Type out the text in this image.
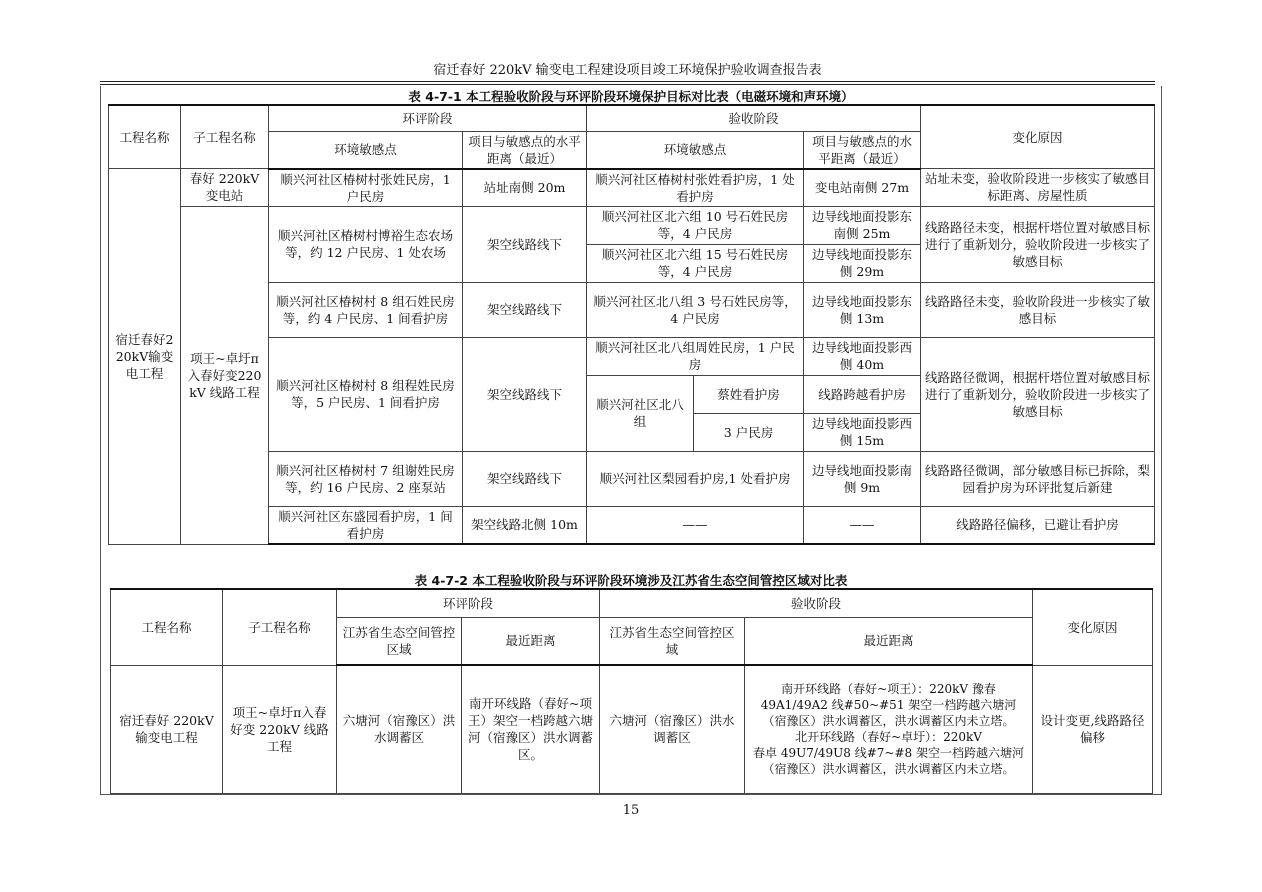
宿迁春好 220kV 输变电工程建设项目竣工环境保护验收调查报告表
表 4-7-1 本工程验收阶段与环评阶段环境保护目标对比表（电磁环境和声环境）
工程名称	子工程名称	环评阶段		验收阶段			变化原因
		环境敏感点	项目与敏感点的水平距离（最近）	环境敏感点		项目与敏感点的水平距离（最近）	
宿迁春好220kV输变电工程	春好 220kV 变电站	顺兴河社区椿树村张姓民房，1 户民房	站址南侧 20m	顺兴河社区椿树村张姓看护房，1 处看护房		变电站南侧 27m	站址未变，验收阶段进一步核实了敏感目标距离、房屋性质
	项王~卓圩π入春好变220kV 线路工程	顺兴河社区椿树村博裕生态农场等，约 12 户民房、1 处农场	架空线路线下	顺兴河社区北六组 10 号石姓民房等，4 户民房		边导线地面投影东南侧 25m	线路路径未变，根据杆塔位置对敏感目标进行了重新划分，验收阶段进一步核实了敏感目标
				顺兴河社区北六组 15 号石姓民房等，4 户民房		边导线地面投影东侧 29m	
		顺兴河社区椿树村 8 组石姓民房等，约 4 户民房、1 间看护房	架空线路线下	顺兴河社区北八组 3 号石姓民房等，4 户民房		边导线地面投影东侧 13m	线路路径未变，验收阶段进一步核实了敏感目标
		顺兴河社区椿树村 8 组程姓民房等，5 户民房、1 间看护房	架空线路线下	顺兴河社区北八组周姓民房，1 户民房		边导线地面投影西侧 40m	线路路径微调，根据杆塔位置对敏感目标进行了重新划分，验收阶段进一步核实了敏感目标
				顺兴河社区北八组	蔡姓看护房	线路跨越看护房	
					3 户民房	边导线地面投影西侧 15m	
		顺兴河社区椿树村 7 组谢姓民房等，约 16 户民房、2 座泵站	架空线路线下	顺兴河社区梨园看护房,1 处看护房		边导线地面投影南侧 9m	线路路径微调，部分敏感目标已拆除，梨园看护房为环评批复后新建
		顺兴河社区东盛园看护房，1 间看护房	架空线路北侧 10m	——		——	线路路径偏移，已避让看护房
表 4-7-2 本工程验收阶段与环评阶段环境涉及江苏省生态空间管控区域对比表
工程名称	子工程名称	环评阶段		验收阶段		变化原因
		江苏省生态空间管控区域	最近距离	江苏省生态空间管控区域	最近距离	
宿迁春好 220kV 输变电工程	项王~卓圩π入春好变 220kV 线路工程	六塘河（宿豫区）洪水调蓄区	南开环线路（春好~项王）架空一档跨越六塘河（宿豫区）洪水调蓄区。	六塘河（宿豫区）洪水调蓄区	南开环线路（春好~项王）：220kV 豫春
49A1/49A2 线#50~#51 架空一档跨越六塘河（宿豫区）洪水调蓄区，洪水调蓄区内未立塔。
北开环线路（春好~卓圩）：220kV
春卓 49U7/49U8 线#7~#8 架空一档跨越六塘河（宿豫区）洪水调蓄区，洪水调蓄区内未立塔。	设计变更,线路路径偏移
15
